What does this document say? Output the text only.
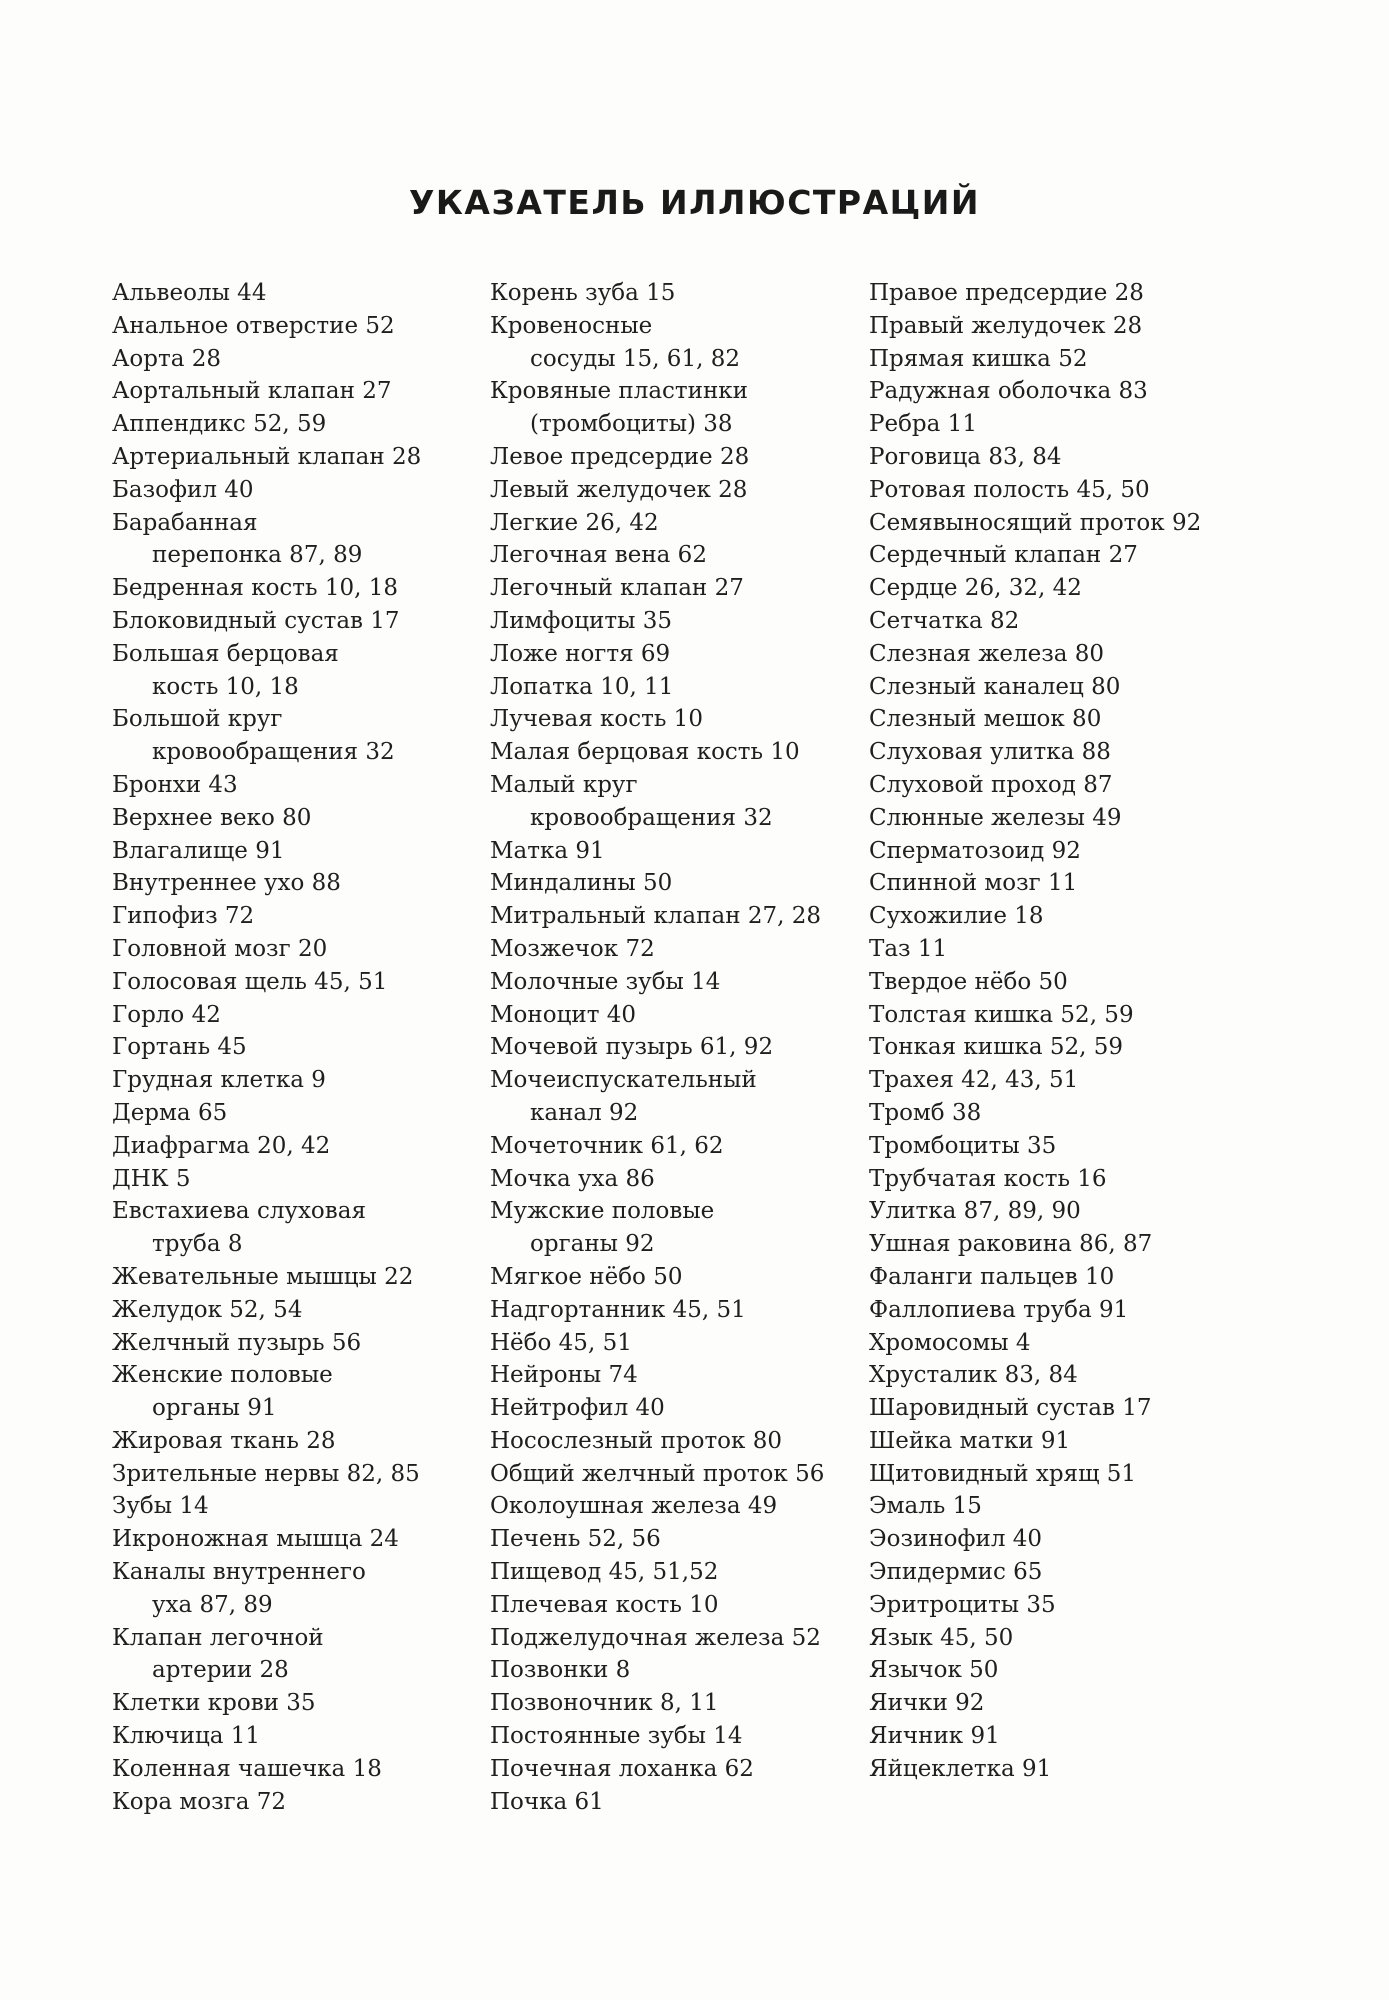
УКАЗАТЕЛЬ ИЛЛЮСТРАЦИЙ
Альвеолы 44
Анальное отверстие 52
Аорта 28
Аортальный клапан 27
Аппендикс 52, 59
Артериальный клапан 28
Базофил 40
Барабанная
перепонка 87, 89
Бедренная кость 10, 18
Блоковидный сустав 17
Большая берцовая
кость 10, 18
Большой круг
кровообращения 32
Бронхи 43
Верхнее веко 80
Влагалище 91
Внутреннее ухо 88
Гипофиз 72
Головной мозг 20
Голосовая щель 45, 51
Горло 42
Гортань 45
Грудная клетка 9
Дерма 65
Диафрагма 20, 42
ДНК 5
Евстахиева слуховая
труба 8
Жевательные мышцы 22
Желудок 52, 54
Желчный пузырь 56
Женские половые
органы 91
Жировая ткань 28
Зрительные нервы 82, 85
Зубы 14
Икроножная мышца 24
Каналы внутреннего
уха 87, 89
Клапан легочной
артерии 28
Клетки крови 35
Ключица 11
Коленная чашечка 18
Кора мозга 72
Корень зуба 15
Кровеносные
сосуды 15, 61, 82
Кровяные пластинки
(тромбоциты) 38
Левое предсердие 28
Левый желудочек 28
Легкие 26, 42
Легочная вена 62
Легочный клапан 27
Лимфоциты 35
Ложе ногтя 69
Лопатка 10, 11
Лучевая кость 10
Малая берцовая кость 10
Малый круг
кровообращения 32
Матка 91
Миндалины 50
Митральный клапан 27, 28
Мозжечок 72
Молочные зубы 14
Моноцит 40
Мочевой пузырь 61, 92
Мочеиспускательный
канал 92
Мочеточник 61, 62
Мочка уха 86
Мужские половые
органы 92
Мягкое нёбо 50
Надгортанник 45, 51
Нёбо 45, 51
Нейроны 74
Нейтрофил 40
Носослезный проток 80
Общий желчный проток 56
Околоушная железа 49
Печень 52, 56
Пищевод 45, 51,52
Плечевая кость 10
Поджелудочная железа 52
Позвонки 8
Позвоночник 8, 11
Постоянные зубы 14
Почечная лоханка 62
Почка 61
Правое предсердие 28
Правый желудочек 28
Прямая кишка 52
Радужная оболочка 83
Ребра 11
Роговица 83, 84
Ротовая полость 45, 50
Семявыносящий проток 92
Сердечный клапан 27
Сердце 26, 32, 42
Сетчатка 82
Слезная железа 80
Слезный каналец 80
Слезный мешок 80
Слуховая улитка 88
Слуховой проход 87
Слюнные железы 49
Сперматозоид 92
Спинной мозг 11
Сухожилие 18
Таз 11
Твердое нёбо 50
Толстая кишка 52, 59
Тонкая кишка 52, 59
Трахея 42, 43, 51
Тромб 38
Тромбоциты 35
Трубчатая кость 16
Улитка 87, 89, 90
Ушная раковина 86, 87
Фаланги пальцев 10
Фаллопиева труба 91
Хромосомы 4
Хрусталик 83, 84
Шаровидный сустав 17
Шейка матки 91
Щитовидный хрящ 51
Эмаль 15
Эозинофил 40
Эпидермис 65
Эритроциты 35
Язык 45, 50
Язычок 50
Яички 92
Яичник 91
Яйцеклетка 91
